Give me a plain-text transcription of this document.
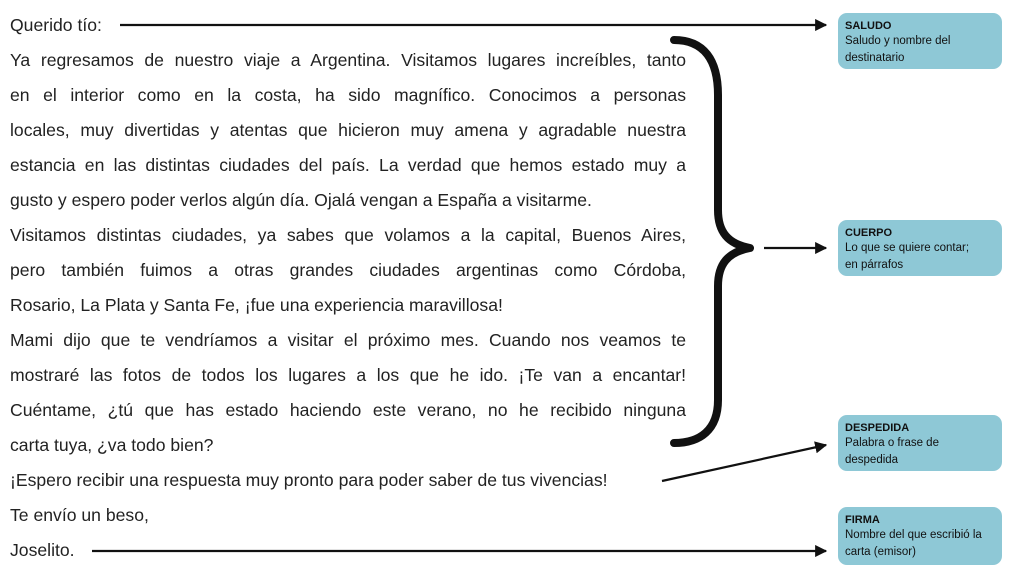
Querido tío:
Ya regresamos de nuestro viaje a Argentina. Visitamos lugares increíbles, tanto
en el interior como en la costa, ha sido magnífico. Conocimos a personas
locales, muy divertidas y atentas que hicieron muy amena y agradable nuestra
estancia en las distintas ciudades del país. La verdad que hemos estado muy a
gusto y espero poder verlos algún día. Ojalá vengan a España a visitarme.
Visitamos distintas ciudades, ya sabes que volamos a la capital, Buenos Aires,
pero también fuimos a otras grandes ciudades argentinas como Córdoba,
Rosario, La Plata y Santa Fe, ¡fue una experiencia maravillosa!
Mami dijo que te vendríamos a visitar el próximo mes. Cuando nos veamos te
mostraré las fotos de todos los lugares a los que he ido. ¡Te van a encantar!
Cuéntame, ¿tú que has estado haciendo este verano, no he recibido ninguna
carta tuya, ¿va todo bien?
¡Espero recibir una respuesta muy pronto para poder saber de tus vivencias!
Te envío un beso,
Joselito.
SALUDO
Saludo y nombre del
destinatario
CUERPO
Lo que se quiere contar;
en párrafos
DESPEDIDA
Palabra o frase de
despedida
FIRMA
Nombre del que escribió la
carta (emisor)
